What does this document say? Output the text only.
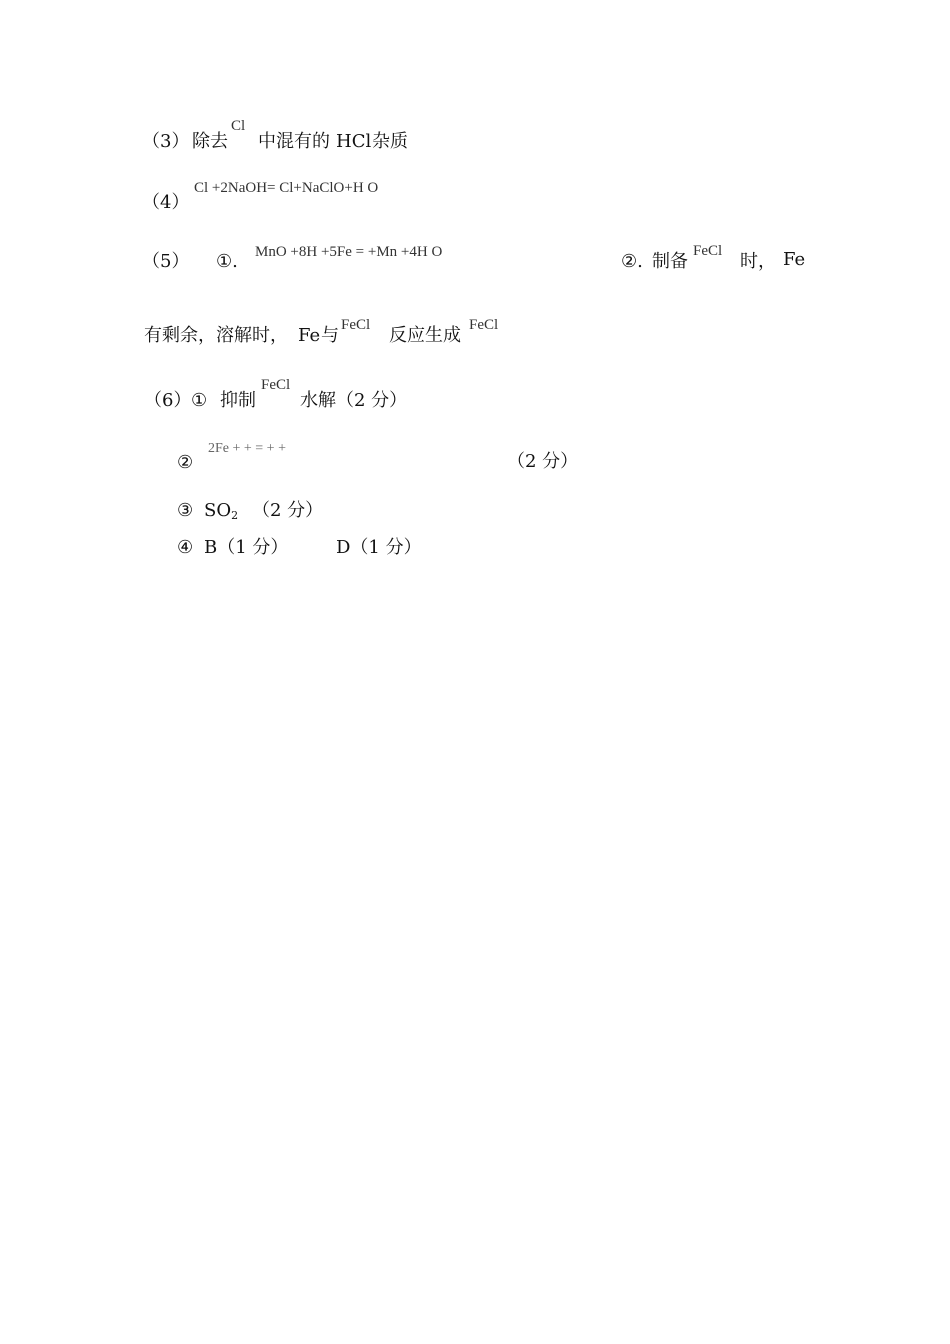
（3） 除去
Cl
中混有的 HCl 杂质
（4）
Cl +2NaOH= Cl+NaClO+H O
（5） ①. MnO +8H +5Fe = +Mn +4H O	②. 制备 FeCl 时， Fe
有剩余，溶解时， Fe 与 FeCl 反应生成 FeCl
（6） ① 抑制
FeCl
水解（2 分）
②
2Fe + + = + +
（2 分）
③ $SO_2$ （2 分）
④ B（1 分）	D（1 分）
